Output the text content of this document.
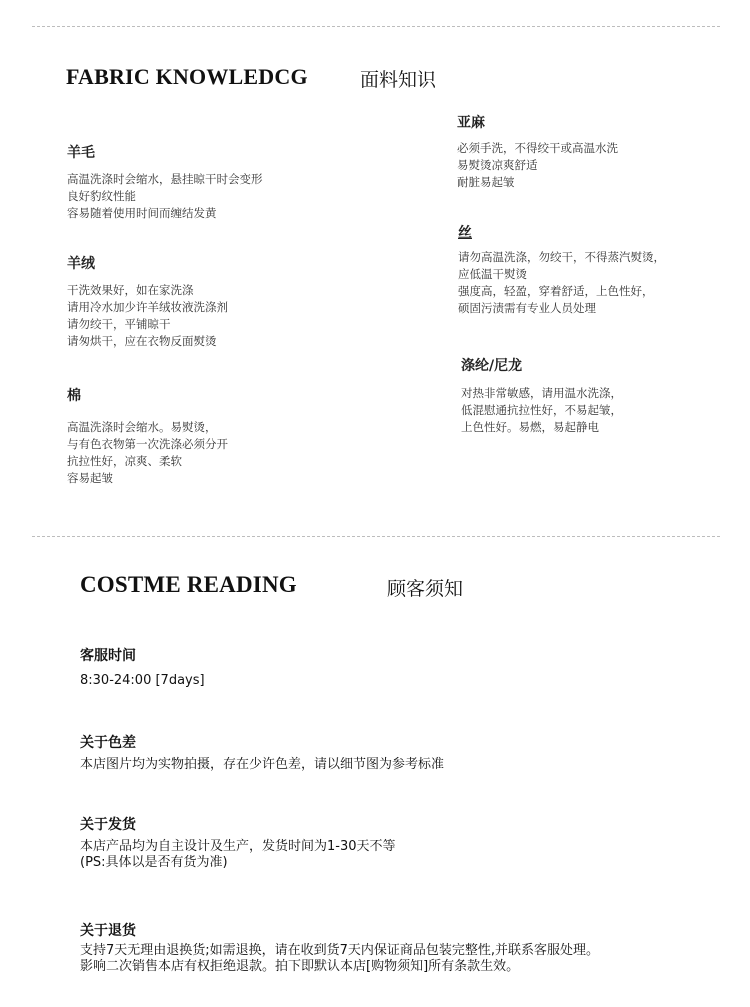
FABRIC KNOWLEDCG	面料知识
羊毛
高温洗涤时会缩水，悬挂晾干时会变形
良好豹纹性能
容易随着使用时间而缠结发黄
羊绒
干洗效果好，如在家洗涤
请用冷水加少许羊绒妆液洗涤剂
请勿绞干，平铺晾干
请匆烘干，应在衣物反面熨烫
棉
高温洗涤时会缩水。易熨烫，
与有色衣物第一次洗涤必须分开
抗拉性好，凉爽、柔软
容易起皱
亚麻
必须手洗，不得绞干或高温水洗
易熨烫凉爽舒适
耐脏易起皱
丝
请勿高温洗涤，勿绞干，不得蒸汽熨烫，
应低温干熨烫
强度高，轻盈，穿着舒适，上色性好，
硕固污渍需有专业人员处理
涤纶/尼龙
对热非常敏感，请用温水洗涤，
低混慰通抗拉性好，不易起皱，
上色性好。易燃，易起静电
COSTME READING	顾客须知
客服时间
8:30-24:00 [7days]
关于色差
本店图片均为实物拍摄，存在少许色差，请以细节图为参考标准
关于发货
本店产品均为自主设计及生产，发货时间为1-30天不等
(PS:具体以是否有货为准)
关于退货
支持7天无理由退换货;如需退换，请在收到货7天内保证商品包装完整性,并联系客服处理。
影响二次销售本店有权拒绝退款。拍下即默认本店[购物须知]所有条款生效。
